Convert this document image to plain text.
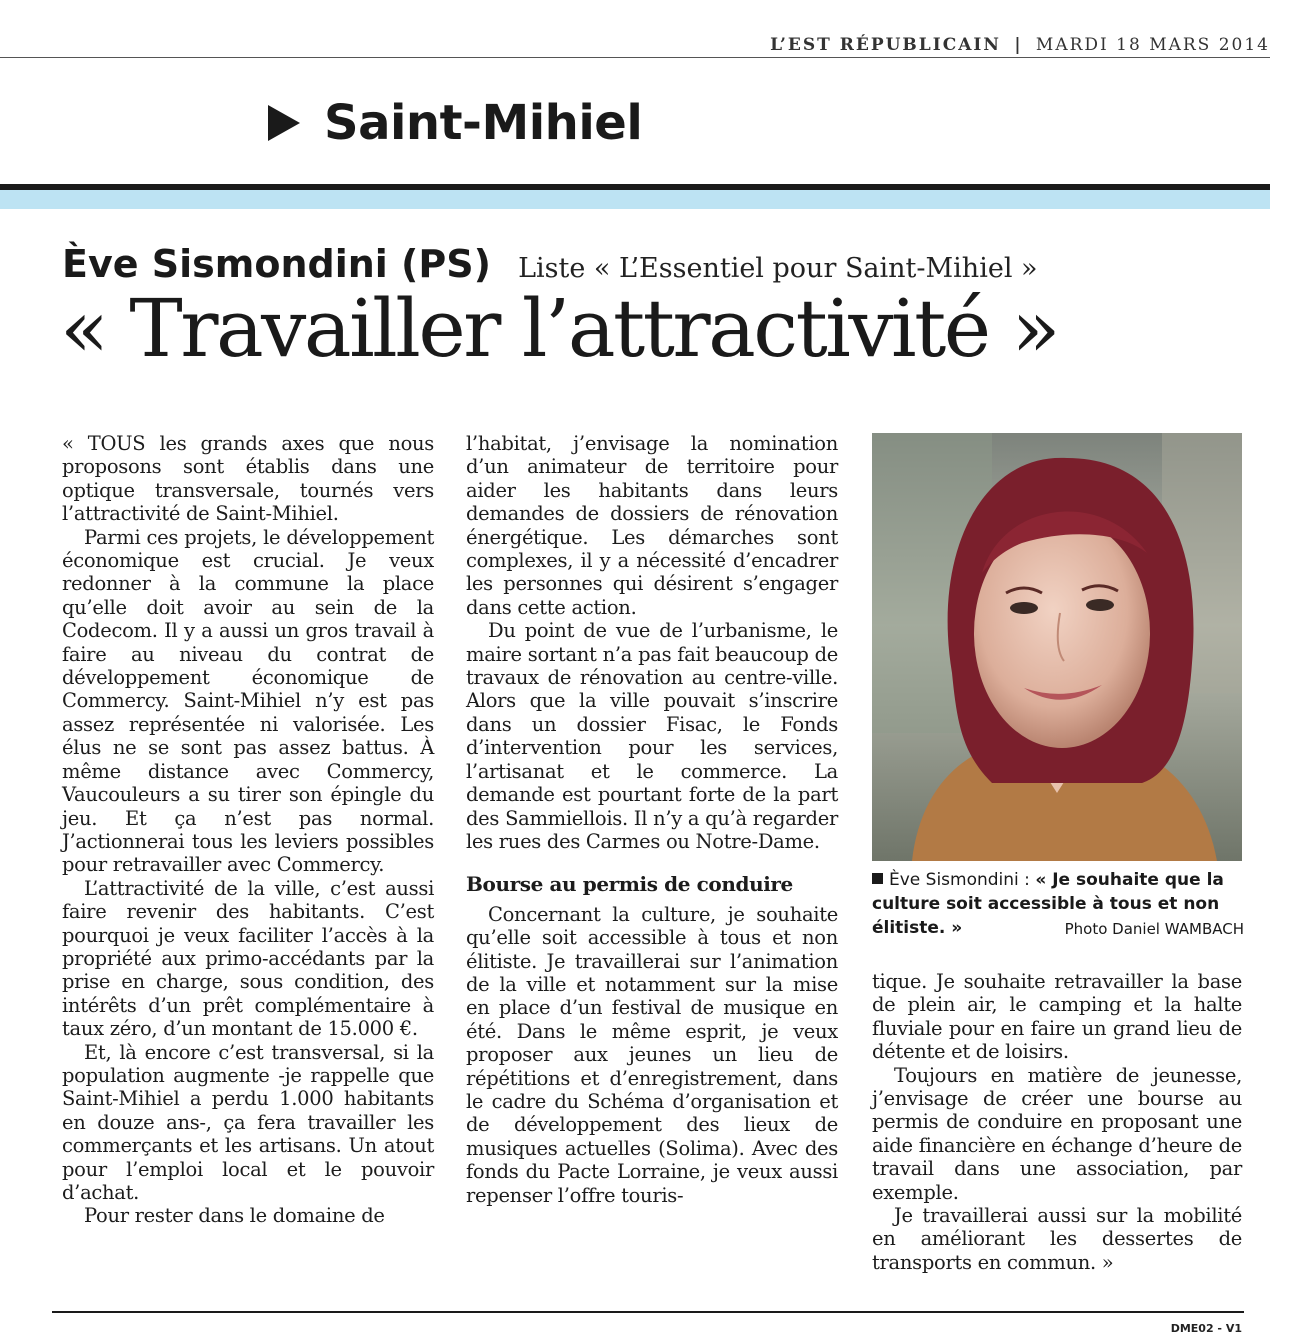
L’EST RÉPUBLICAIN | MARDI 18 MARS 2014
Saint-Mihiel
Ève Sismondini (PS) Liste « L’Essentiel pour Saint-Mihiel »
« Travailler l’attractivité »

« TOUS les grands axes que nous proposons sont établis dans une optique transversale, tournés vers l’attractivité de Saint-Mihiel.

Parmi ces projets, le développement économique est crucial. Je veux redonner à la commune la place qu’elle doit avoir au sein de la Codecom. Il y a aussi un gros travail à faire au niveau du contrat de développement économique de Commercy. Saint-Mihiel n’y est pas assez représentée ni valorisée. Les élus ne se sont pas assez battus. À même distance avec Commercy, Vaucouleurs a su tirer son épingle du jeu. Et ça n’est pas normal. J’actionnerai tous les leviers possibles pour retravailler avec Commercy.

L’attractivité de la ville, c’est aussi faire revenir des habitants. C’est pourquoi je veux faciliter l’accès à la propriété aux primo-accédants par la prise en charge, sous condition, des intérêts d’un prêt complémentaire à taux zéro, d’un montant de 15.000 €.

Et, là encore c’est transversal, si la population augmente -je rappelle que Saint-Mihiel a perdu 1.000 habitants en douze ans-, ça fera travailler les commerçants et les artisans. Un atout pour l’emploi local et le pouvoir d’achat.

Pour rester dans le domaine de

l’habitat, j’envisage la nomination d’un animateur de territoire pour aider les habitants dans leurs demandes de dossiers de rénovation énergétique. Les démarches sont complexes, il y a nécessité d’encadrer les personnes qui désirent s’engager dans cette action.

Du point de vue de l’urbanisme, le maire sortant n’a pas fait beaucoup de travaux de rénovation au centre-ville. Alors que la ville pouvait s’inscrire dans un dossier Fisac, le Fonds d’intervention pour les services, l’artisanat et le commerce. La demande est pourtant forte de la part des Sammiellois. Il n’y a qu’à regarder les rues des Carmes ou Notre-Dame.

Bourse au permis de conduire

Concernant la culture, je souhaite qu’elle soit accessible à tous et non élitiste. Je travaillerai sur l’animation de la ville et notamment sur la mise en place d’un festival de musique en été. Dans le même esprit, je veux proposer aux jeunes un lieu de répétitions et d’enregistrement, dans le cadre du Schéma d’organisation et de développement des lieux de musiques actuelles (Solima). Avec des fonds du Pacte Lorraine, je veux aussi repenser l’offre touris-

Ève Sismondini : « Je souhaite que la culture soit accessible à tous et non élitiste. »	Photo Daniel WAMBACH

tique. Je souhaite retravailler la base de plein air, le camping et la halte fluviale pour en faire un grand lieu de détente et de loisirs.

Toujours en matière de jeunesse, j’envisage de créer une bourse au permis de conduire en proposant une aide financière en échange d’heure de travail dans une association, par exemple.

Je travaillerai aussi sur la mobilité en améliorant les dessertes de transports en commun. »

DME02 - V1
